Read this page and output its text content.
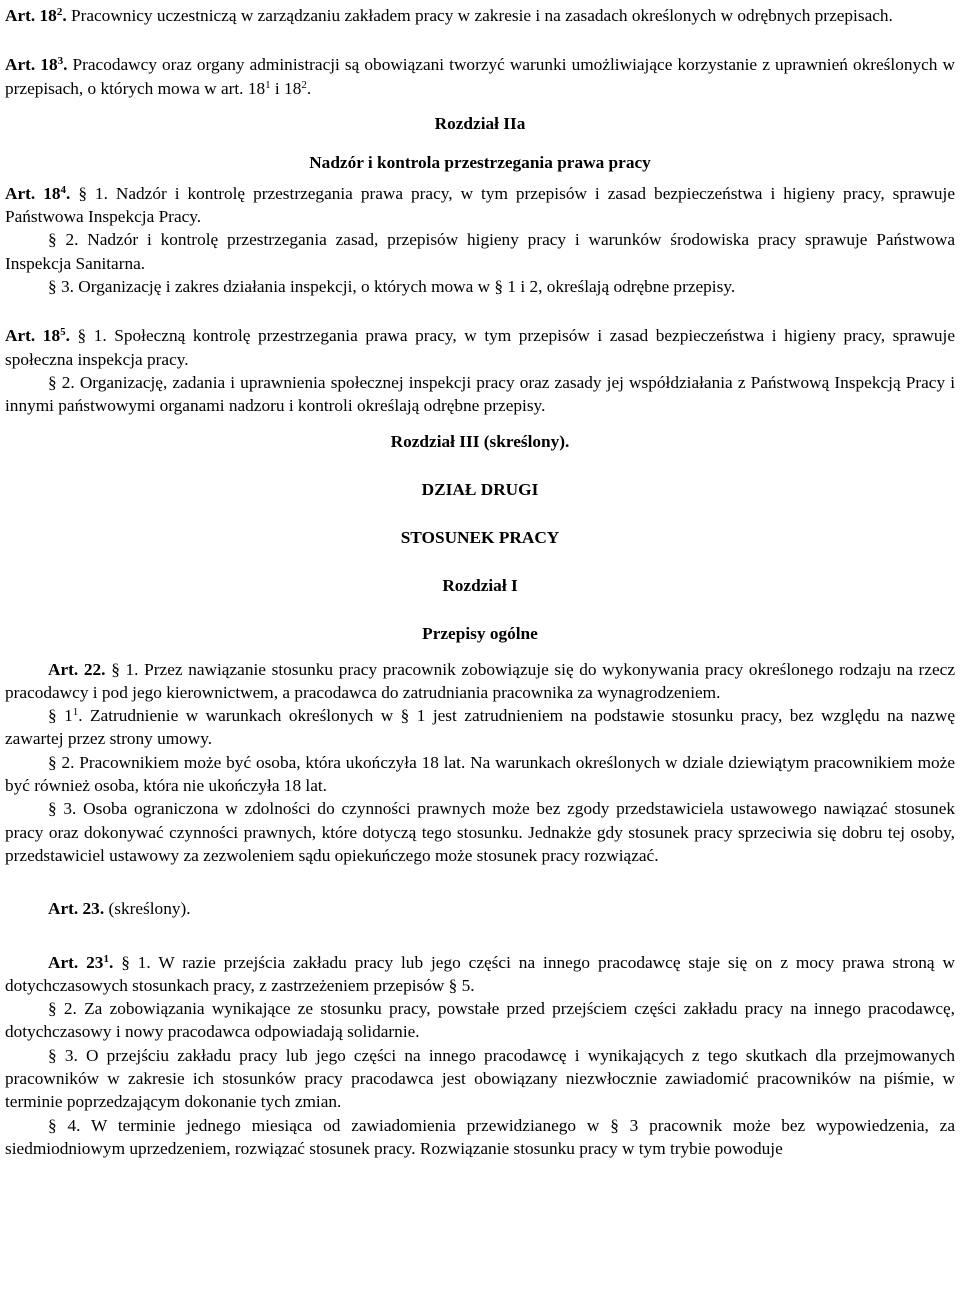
Art. $18^2$. Pracownicy uczestniczą w zarządzaniu zakładem pracy w zakresie i na zasadach określonych w odrębnych przepisach.

Art. $18^3$. Pracodawcy oraz organy administracji są obowiązani tworzyć warunki umożliwiające korzystanie z uprawnień określonych w przepisach, o których mowa w art. $18^1$ i $18^2$.

Rozdział IIa
Nadzór i kontrola przestrzegania prawa pracy

Art. $18^4$. § 1. Nadzór i kontrolę przestrzegania prawa pracy, w tym przepisów i zasad bezpieczeństwa i higieny pracy, sprawuje Państwowa Inspekcja Pracy.

§ 2. Nadzór i kontrolę przestrzegania zasad, przepisów higieny pracy i warunków środowiska pracy sprawuje Państwowa Inspekcja Sanitarna.

§ 3. Organizację i zakres działania inspekcji, o których mowa w § 1 i 2, określają odrębne przepisy.

Art. $18^5$. § 1. Społeczną kontrolę przestrzegania prawa pracy, w tym przepisów i zasad bezpieczeństwa i higieny pracy, sprawuje społeczna inspekcja pracy.

§ 2. Organizację, zadania i uprawnienia społecznej inspekcji pracy oraz zasady jej współdziałania z Państwową Inspekcją Pracy i innymi państwowymi organami nadzoru i kontroli określają odrębne przepisy.

Rozdział III (skreślony).
DZIAŁ DRUGI
STOSUNEK PRACY
Rozdział I
Przepisy ogólne

Art. 22. § 1. Przez nawiązanie stosunku pracy pracownik zobowiązuje się do wykonywania pracy określonego rodzaju na rzecz pracodawcy i pod jego kierownictwem, a pracodawca do zatrudniania pracownika za wynagrodzeniem.

§ $1^1$. Zatrudnienie w warunkach określonych w § 1 jest zatrudnieniem na podstawie stosunku pracy, bez względu na nazwę zawartej przez strony umowy.

§ 2. Pracownikiem może być osoba, która ukończyła 18 lat. Na warunkach określonych w dziale dziewiątym pracownikiem może być również osoba, która nie ukończyła 18 lat.

§ 3. Osoba ograniczona w zdolności do czynności prawnych może bez zgody przedstawiciela ustawowego nawiązać stosunek pracy oraz dokonywać czynności prawnych, które dotyczą tego stosunku. Jednakże gdy stosunek pracy sprzeciwia się dobru tej osoby, przedstawiciel ustawowy za zezwoleniem sądu opiekuńczego może stosunek pracy rozwiązać.

Art. 23. (skreślony).

Art. $23^1$. § 1. W razie przejścia zakładu pracy lub jego części na innego pracodawcę staje się on z mocy prawa stroną w dotychczasowych stosunkach pracy, z zastrzeżeniem przepisów § 5.

§ 2. Za zobowiązania wynikające ze stosunku pracy, powstałe przed przejściem części zakładu pracy na innego pracodawcę, dotychczasowy i nowy pracodawca odpowiadają solidarnie.

§ 3. O przejściu zakładu pracy lub jego części na innego pracodawcę i wynikających z tego skutkach dla przejmowanych pracowników w zakresie ich stosunków pracy pracodawca jest obowiązany niezwłocznie zawiadomić pracowników na piśmie, w terminie poprzedzającym dokonanie tych zmian.

§ 4. W terminie jednego miesiąca od zawiadomienia przewidzianego w § 3 pracownik może bez wypowiedzenia, za siedmiodniowym uprzedzeniem, rozwiązać stosunek pracy. Rozwiązanie stosunku pracy w tym trybie powoduje
